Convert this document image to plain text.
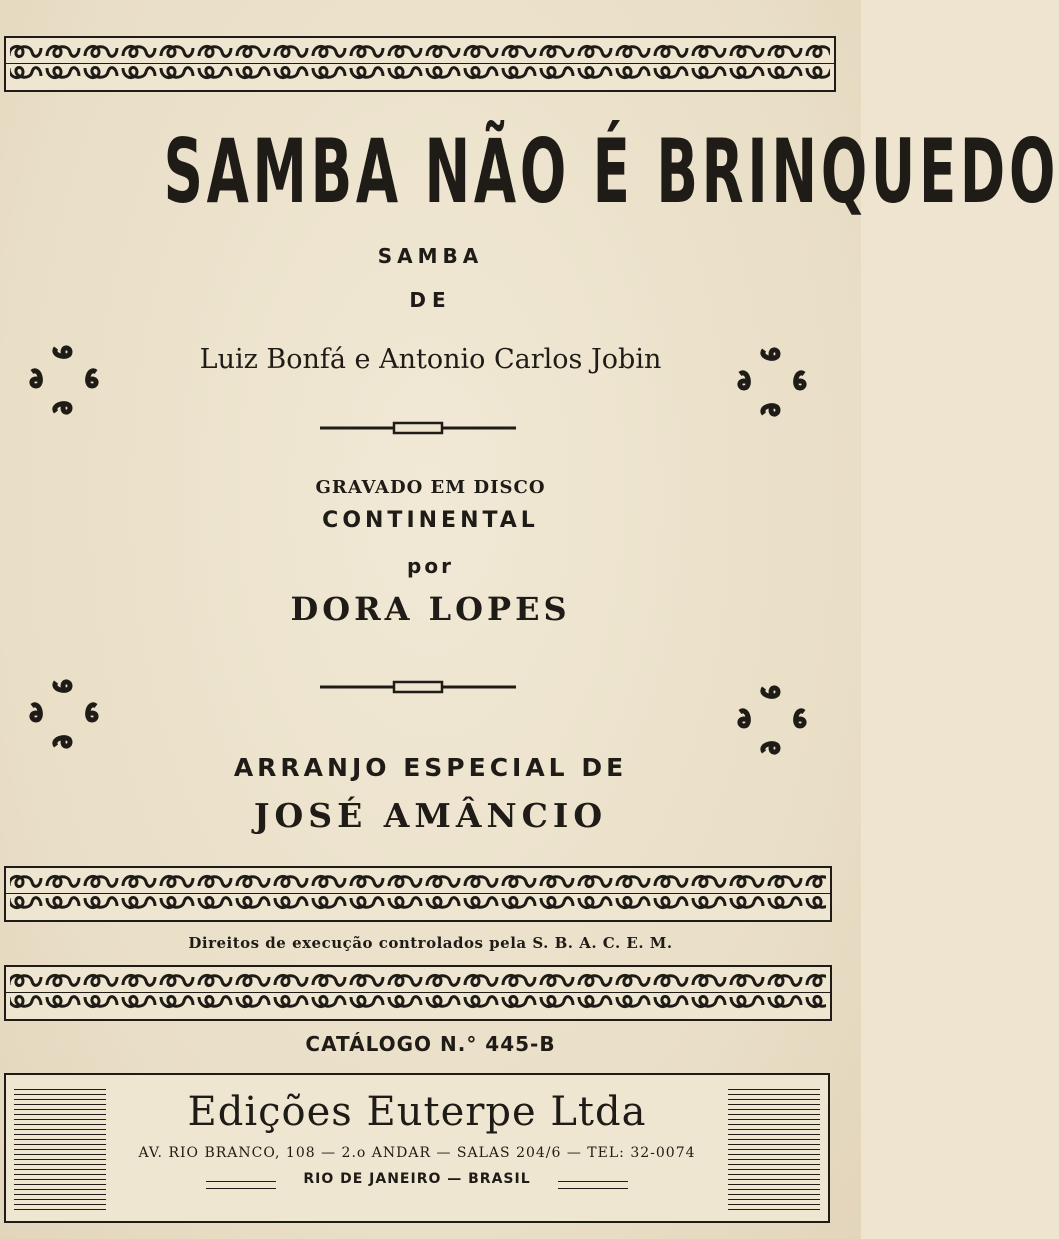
SAMBA NÃO É BRINQUEDO
SAMBA
DE
Luiz Bonfá e Antonio Carlos Jobin
GRAVADO EM DISCO
CONTINENTAL
por
DORA LOPES
ARRANJO ESPECIAL DE
JOSÉ AMÂNCIO
Direitos de execução controlados pela S. B. A. C. E. M.
CATÁLOGO N.° 445-B
Edições Euterpe Ltda
AV. RIO BRANCO, 108 — 2.o ANDAR — SALAS 204/6 — TEL: 32-0074
RIO DE JANEIRO — BRASIL
